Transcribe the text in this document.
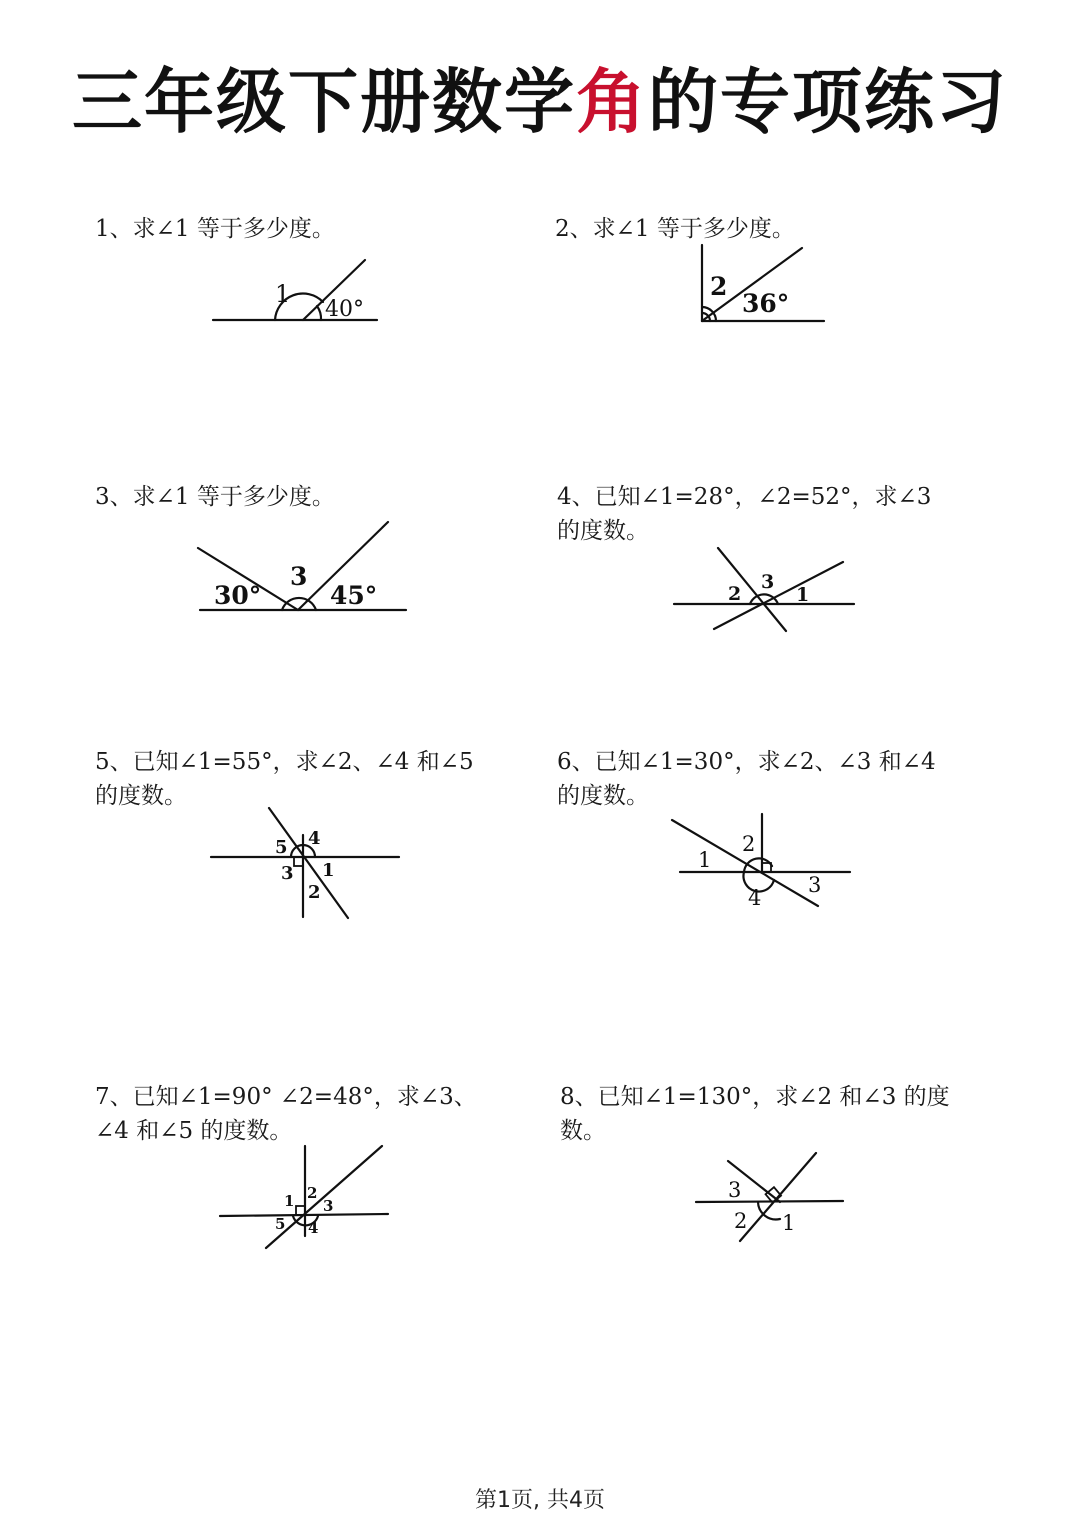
三年级下册数学角的专项练习
1、求∠1 等于多少度。
1
40°
2、求∠1 等于多少度。
2
36°
3、求∠1 等于多少度。
30°
3
45°
4、已知∠1=28°，∠2=52°，求∠3
的度数。
2
3
1
5、已知∠1=55°，求∠2、∠4 和∠5
的度数。
5 4
3 1
2
6、已知∠1=30°，求∠2、∠3 和∠4
的度数。
2
1
4
3
7、已知∠1=90° ∠2=48°，求∠3、
∠4 和∠5 的度数。
1 2
3
5 4
8、已知∠1=130°，求∠2 和∠3 的度
数。
3
2 1
第1页, 共4页
